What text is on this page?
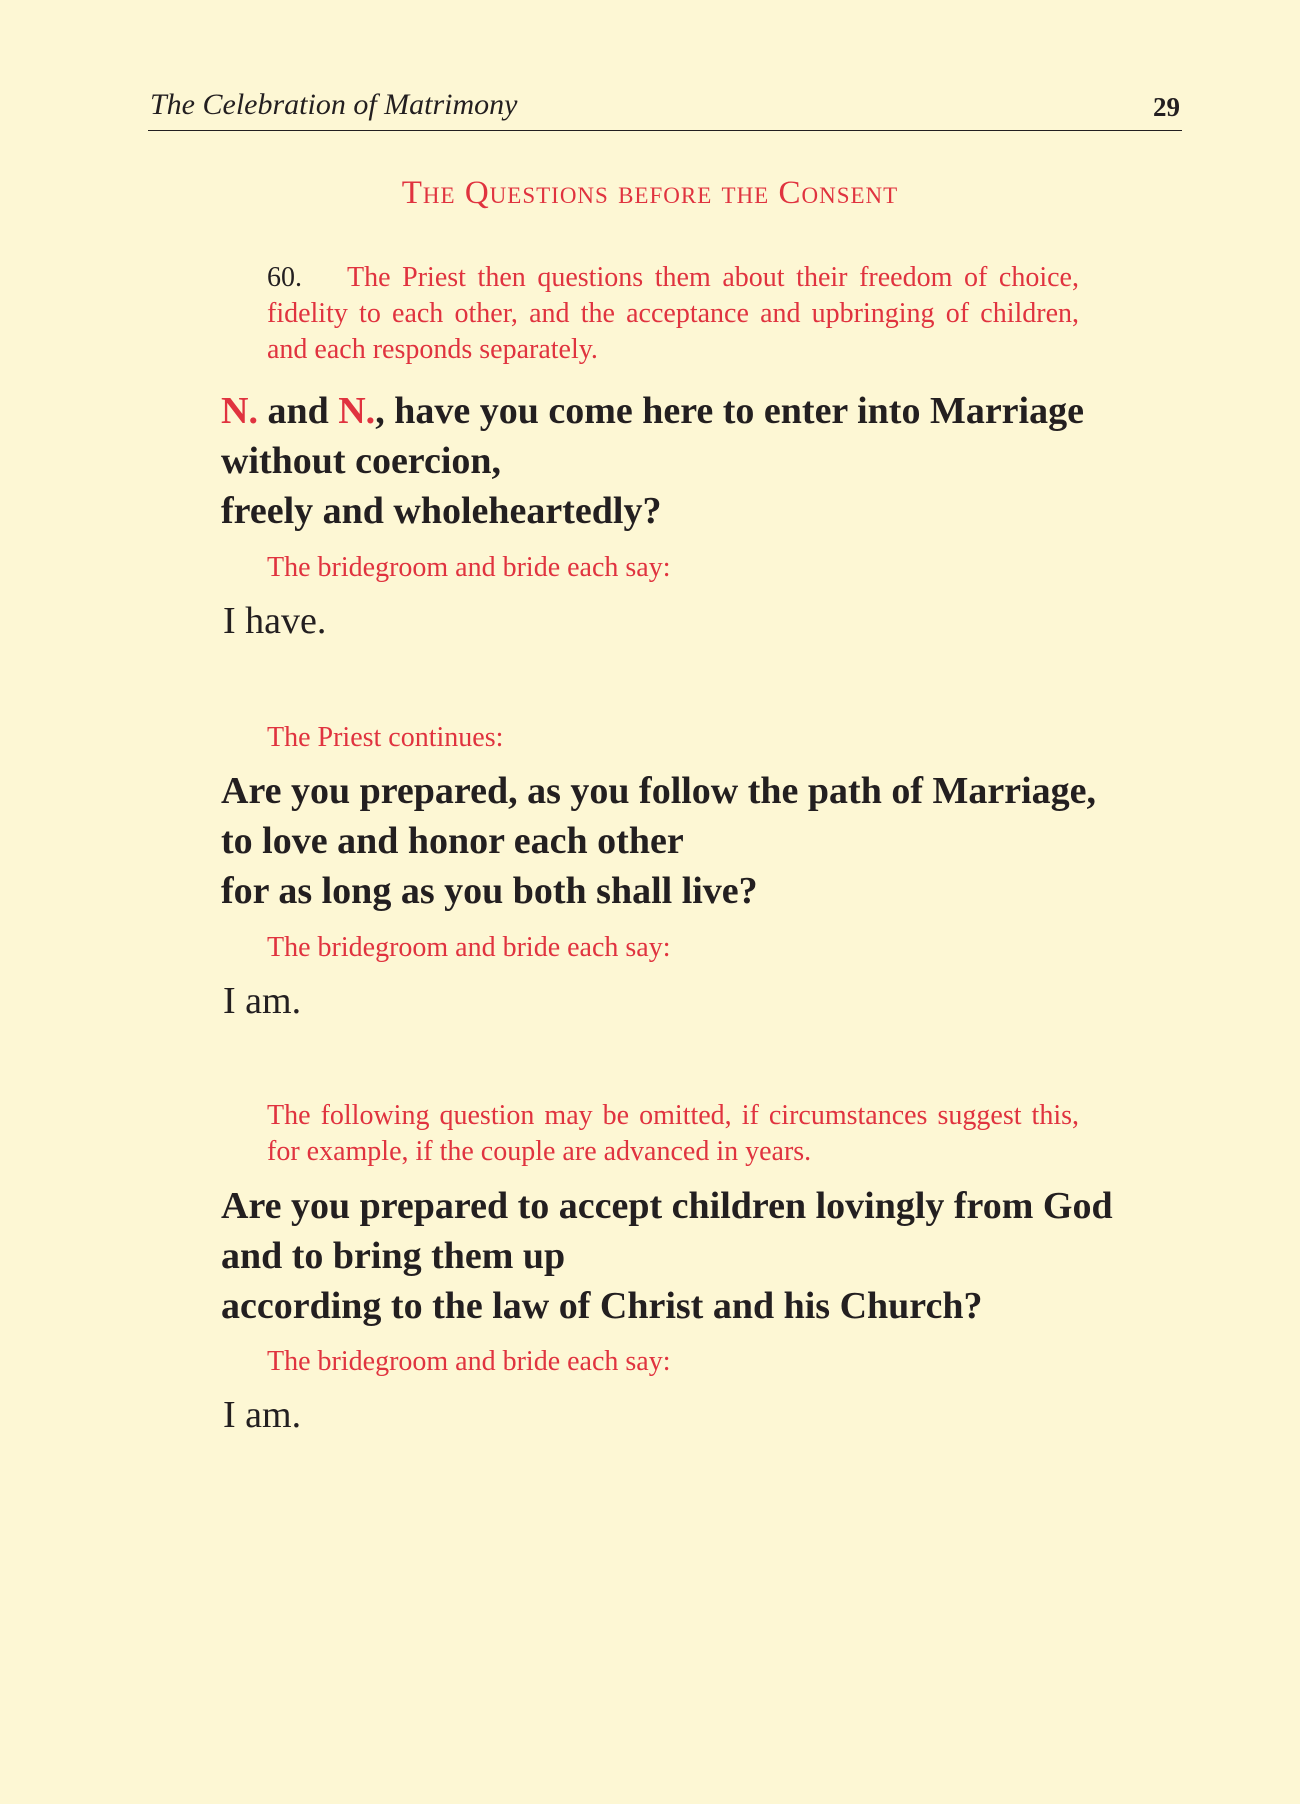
The Celebration of Matrimony	29
The Questions before the Consent
60. The Priest then questions them about their freedom of choice, fidelity to each other, and the acceptance and upbringing of children, and each responds separately.
N. and N., have you come here to enter into Marriage
without coercion,
freely and wholeheartedly?
The bridegroom and bride each say:
I have.
The Priest continues:
Are you prepared, as you follow the path of Marriage,
to love and honor each other
for as long as you both shall live?
The bridegroom and bride each say:
I am.
The following question may be omitted, if circumstances suggest this, for example, if the couple are advanced in years.
Are you prepared to accept children lovingly from God
and to bring them up
according to the law of Christ and his Church?
The bridegroom and bride each say:
I am.
